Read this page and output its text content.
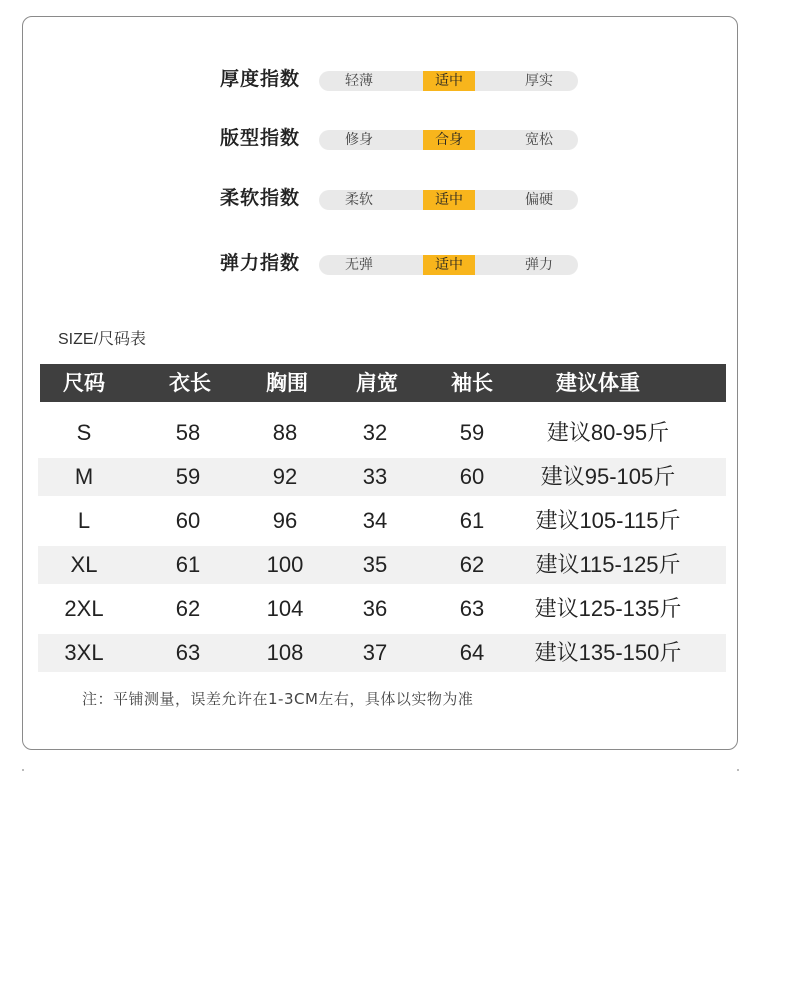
厚度指数	轻薄	适中	厚实
版型指数	修身	合身	宽松
柔软指数	柔软	适中	偏硬
弹力指数	无弹	适中	弹力
SIZE/尺码表
尺码	衣长	胸围	肩宽	袖长	建议体重
S	58	88	32	59	建议80-95斤
M	59	92	33	60	建议95-105斤
L	60	96	34	61	建议105-115斤
XL	61	100	35	62	建议115-125斤
2XL	62	104	36	63	建议125-135斤
3XL	63	108	37	64	建议135-150斤
注：平铺测量，误差允许在1-3CM左右，具体以实物为准
